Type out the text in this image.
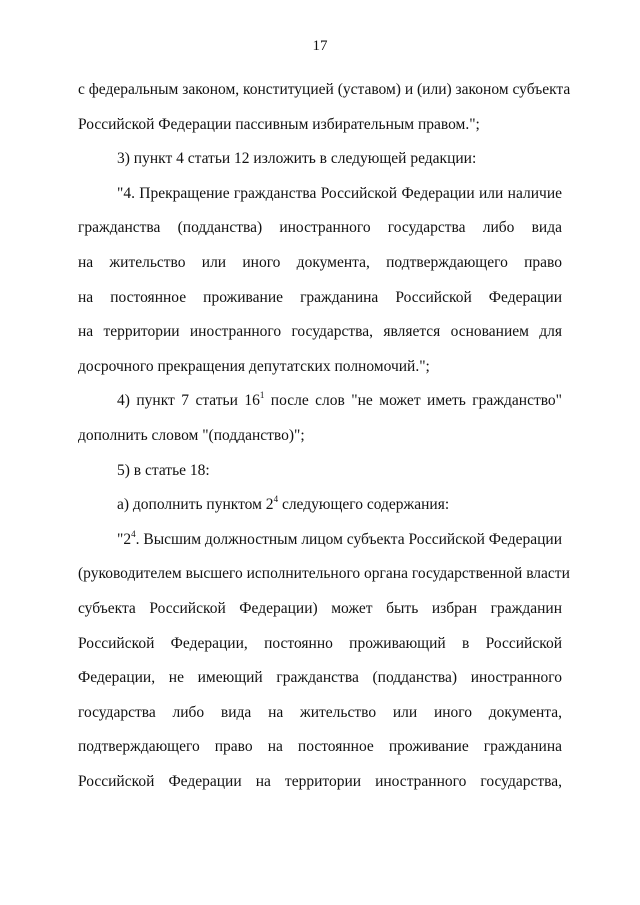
17
с федеральным законом, конституцией (уставом) и (или) законом субъекта
Российской Федерации пассивным избирательным правом.";
3) пункт 4 статьи 12 изложить в следующей редакции:
"4. Прекращение гражданства Российской Федерации или наличие
гражданства (подданства) иностранного государства либо вида
на жительство или иного документа, подтверждающего право
на постоянное проживание гражданина Российской Федерации
на территории иностранного государства, является основанием для
досрочного прекращения депутатских полномочий.";
4) пункт 7 статьи $16^1$ после слов "не может иметь гражданство"
дополнить словом "(подданство)";
5) в статье 18:
а) дополнить пунктом $2^4$ следующего содержания:
"$2^4$. Высшим должностным лицом субъекта Российской Федерации
(руководителем высшего исполнительного органа государственной власти
субъекта Российской Федерации) может быть избран гражданин
Российской Федерации, постоянно проживающий в Российской
Федерации, не имеющий гражданства (подданства) иностранного
государства либо вида на жительство или иного документа,
подтверждающего право на постоянное проживание гражданина
Российской Федерации на территории иностранного государства,
